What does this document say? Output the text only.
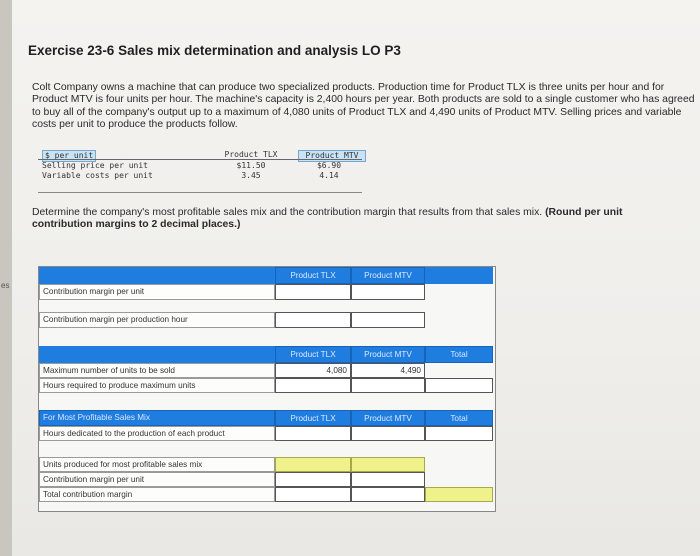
es
Exercise 23-6 Sales mix determination and analysis LO P3
Colt Company owns a machine that can produce two specialized products. Production time for Product TLX is three units per hour and for Product MTV is four units per hour. The machine's capacity is 2,400 hours per year. Both products are sold to a single customer who has agreed to buy all of the company's output up to a maximum of 4,080 units of Product TLX and 4,490 units of Product MTV. Selling prices and variable costs per unit to produce the products follow.
$ per unit	Product TLX	Product MTV
Selling price per unit	$11.50	$6.90
Variable costs per unit	3.45	4.14
Determine the company's most profitable sales mix and the contribution margin that results from that sales mix. (Round per unit contribution margins to 2 decimal places.)
Product TLX	Product MTV
Contribution margin per unit
Contribution margin per production hour
Product TLX	Product MTV	Total
Maximum number of units to be sold	4,080	4,490
Hours required to produce maximum units
For Most Profitable Sales Mix	Product TLX	Product MTV	Total
Hours dedicated to the production of each product
Units produced for most profitable sales mix
Contribution margin per unit
Total contribution margin
